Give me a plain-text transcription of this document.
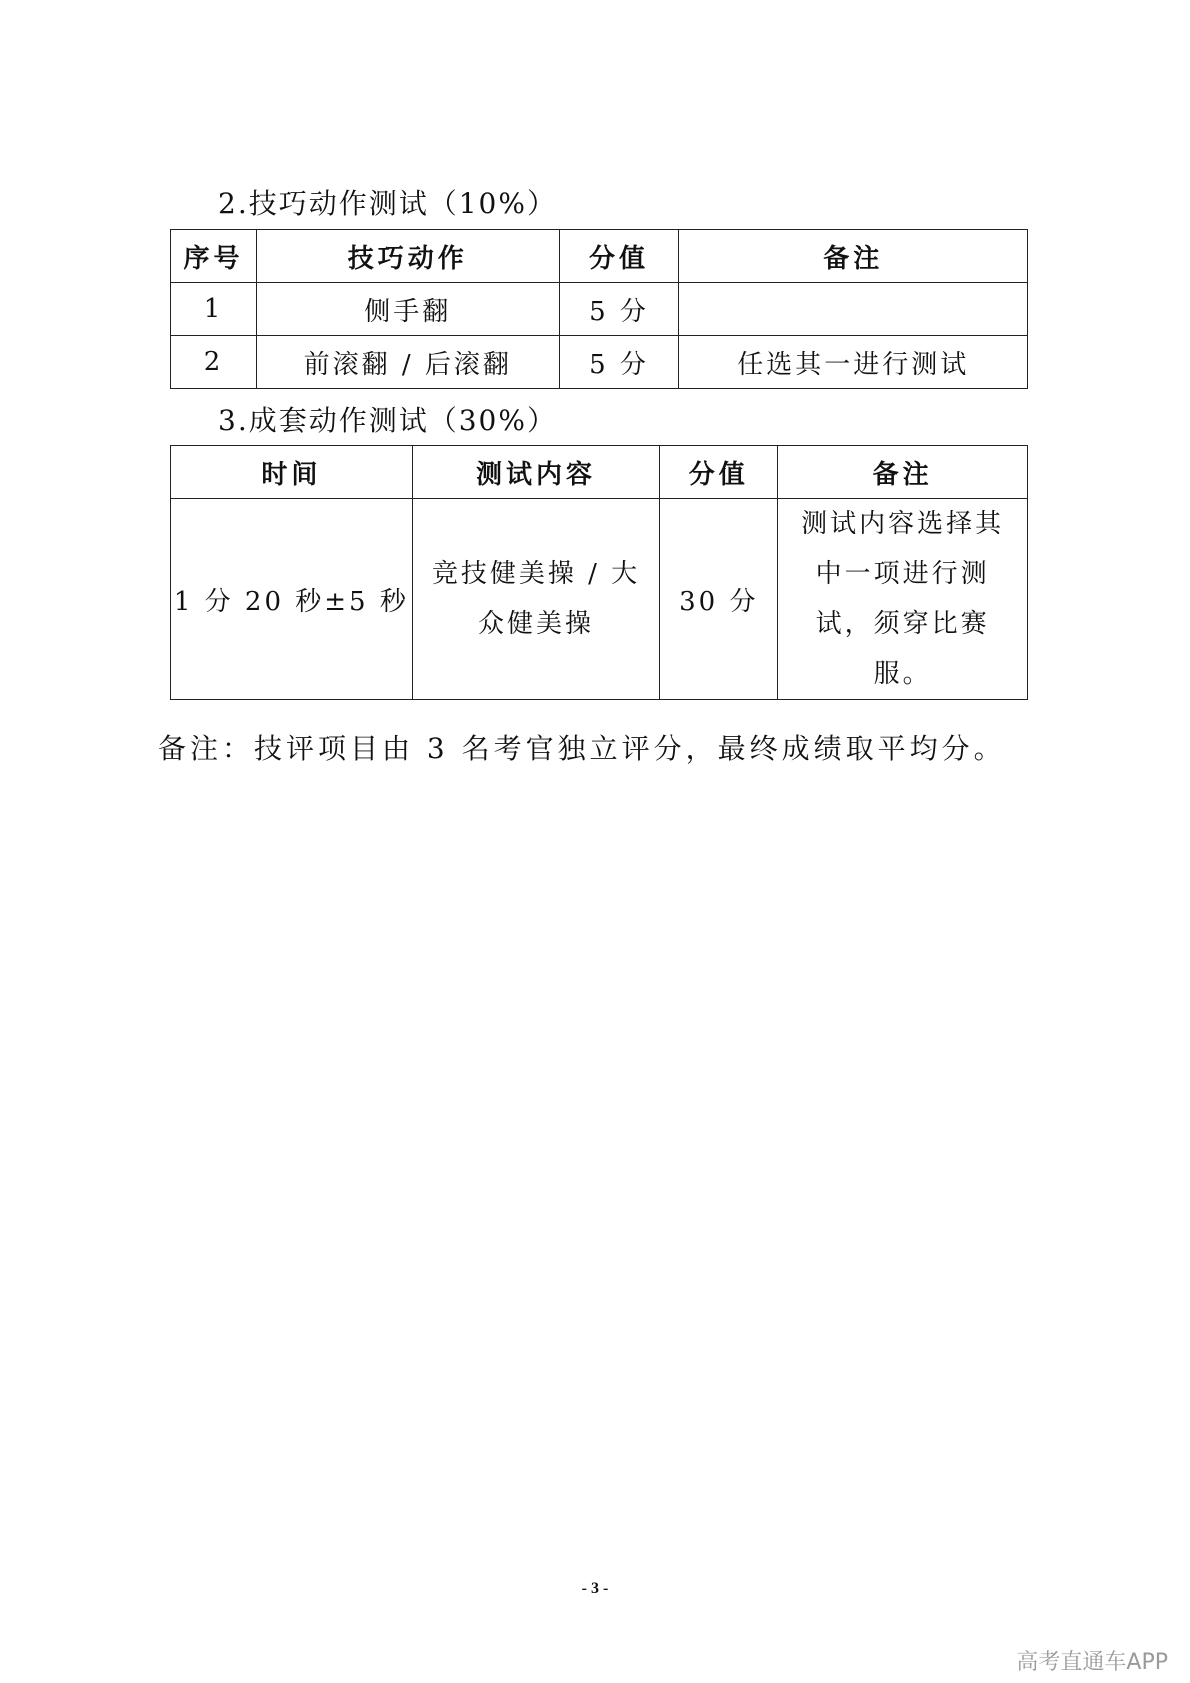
2.技巧动作测试（10%）
序号	技巧动作	分值	备注
1	侧手翻	5 分	
2	前滚翻 / 后滚翻	5 分	任选其一进行测试
3.成套动作测试（30%）
时间	测试内容	分值	备注
1 分 20 秒±5 秒	竞技健美操 / 大众健美操	30 分	测试内容选择其中一项进行测试，须穿比赛服。
备注：技评项目由 3 名考官独立评分，最终成绩取平均分。
- 3 -
高考直通车APP
